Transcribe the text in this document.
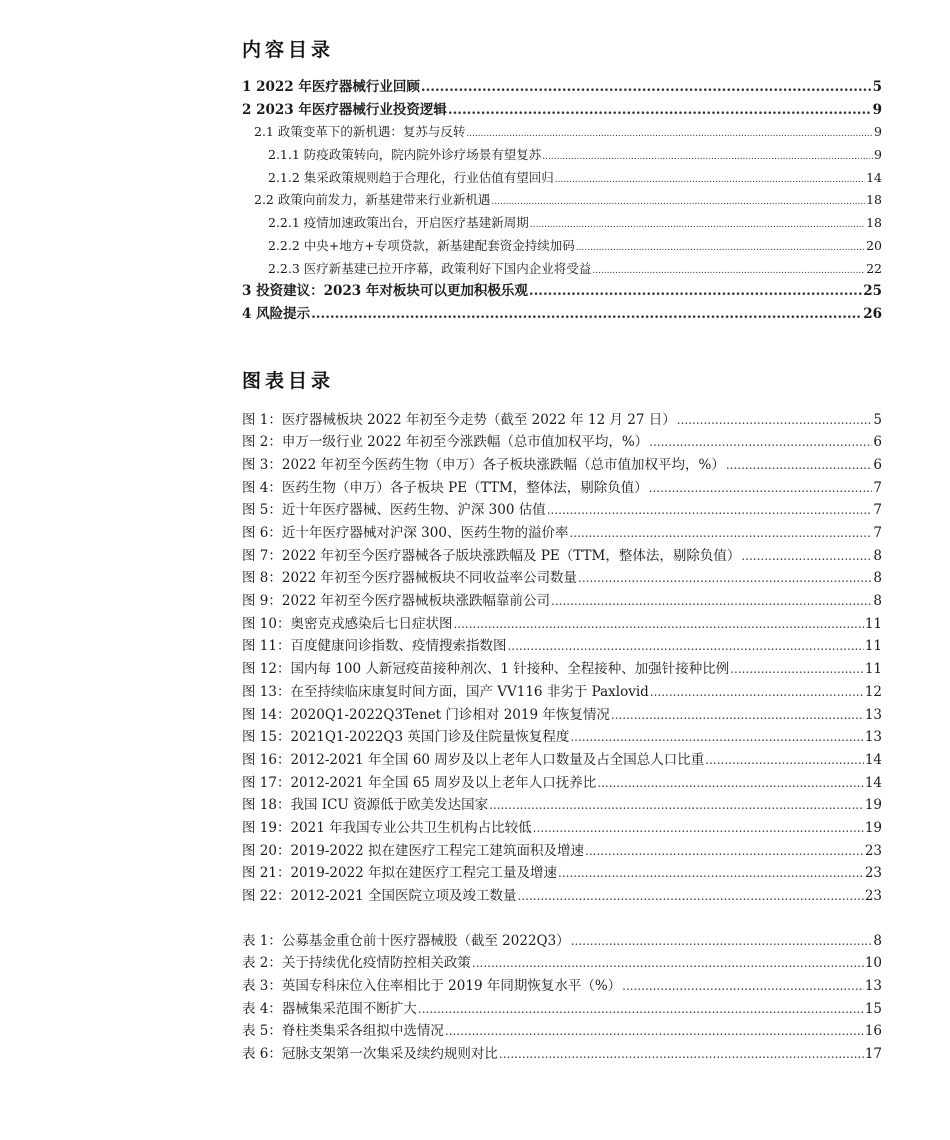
内容目录
1 2022 年医疗器械行业回顾 .....	5
2 2023 年医疗器械行业投资逻辑 .....	9
2.1 政策变革下的新机遇：复苏与反转 .....	9
2.1.1 防疫政策转向，院内院外诊疗场景有望复苏 .....	9
2.1.2 集采政策规则趋于合理化，行业估值有望回归 .....	14
2.2 政策向前发力，新基建带来行业新机遇 .....	18
2.2.1 疫情加速政策出台，开启医疗基建新周期 .....	18
2.2.2 中央+地方+专项贷款，新基建配套资金持续加码 .....	20
2.2.3 医疗新基建已拉开序幕，政策利好下国内企业将受益 .....	22
3 投资建议：2023 年对板块可以更加积极乐观 .....	25
4 风险提示 .....	26
图表目录
图 1：医疗器械板块 2022 年初至今走势（截至 2022 年 12 月 27 日） .....	5
图 2：申万一级行业 2022 年初至今涨跌幅（总市值加权平均，%） .....	6
图 3：2022 年初至今医药生物（申万）各子板块涨跌幅（总市值加权平均，%） .....	6
图 4：医药生物（申万）各子板块 PE（TTM，整体法，剔除负值） .....	7
图 5：近十年医疗器械、医药生物、沪深 300 估值 .....	7
图 6：近十年医疗器械对沪深 300、医药生物的溢价率 .....	7
图 7：2022 年初至今医疗器械各子版块涨跌幅及 PE（TTM，整体法，剔除负值） .....	8
图 8：2022 年初至今医疗器械板块不同收益率公司数量 .....	8
图 9：2022 年初至今医疗器械板块涨跌幅靠前公司 .....	8
图 10：奥密克戎感染后七日症状图 .....	11
图 11：百度健康问诊指数、疫情搜索指数图 .....	11
图 12：国内每 100 人新冠疫苗接种剂次、1 针接种、全程接种、加强针接种比例 .....	11
图 13：在至持续临床康复时间方面，国产 VV116 非劣于 Paxlovid .....	12
图 14：2020Q1-2022Q3Tenet 门诊相对 2019 年恢复情况 .....	13
图 15：2021Q1-2022Q3 英国门诊及住院量恢复程度 .....	13
图 16：2012-2021 年全国 60 周岁及以上老年人口数量及占全国总人口比重 .....	14
图 17：2012-2021 年全国 65 周岁及以上老年人口抚养比 .....	14
图 18：我国 ICU 资源低于欧美发达国家 .....	19
图 19：2021 年我国专业公共卫生机构占比较低 .....	19
图 20：2019-2022 拟在建医疗工程完工建筑面积及增速 .....	23
图 21：2019-2022 年拟在建医疗工程完工量及增速 .....	23
图 22：2012-2021 全国医院立项及竣工数量 .....	23
表 1：公募基金重仓前十医疗器械股（截至 2022Q3） .....	8
表 2：关于持续优化疫情防控相关政策 .....	10
表 3：英国专科床位入住率相比于 2019 年同期恢复水平（%） .....	13
表 4：器械集采范围不断扩大 .....	15
表 5：脊柱类集采各组拟中选情况 .....	16
表 6：冠脉支架第一次集采及续约规则对比 .....	17
